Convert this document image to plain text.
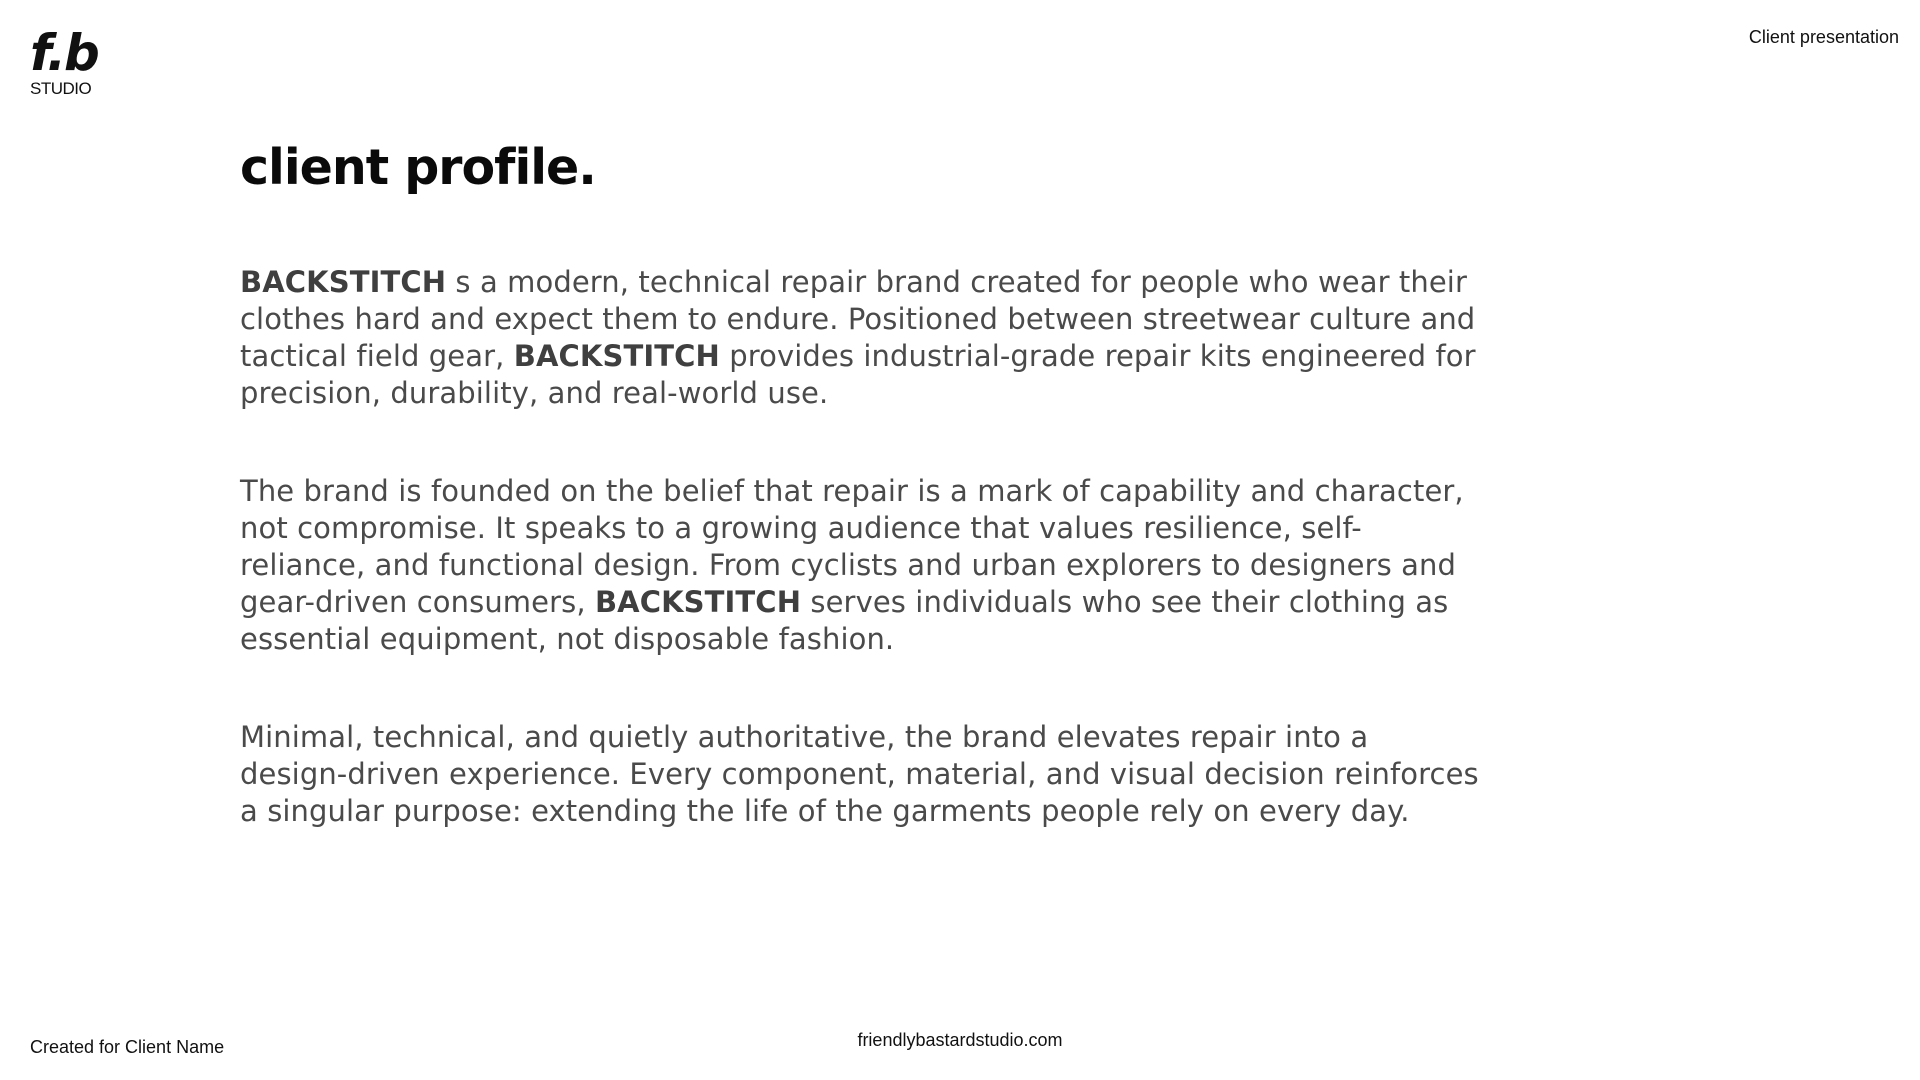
f.b
STUDIO
Client presentation
client profile.

BACKSTITCH s a modern, technical repair brand created for people who wear their clothes hard and expect them to endure. Positioned between streetwear culture and tactical field gear, BACKSTITCH provides industrial-grade repair kits engineered for precision, durability, and real-world use.

The brand is founded on the belief that repair is a mark of capability and character, not compromise. It speaks to a growing audience that values resilience, self-reliance, and functional design. From cyclists and urban explorers to designers and gear-driven consumers, BACKSTITCH serves individuals who see their clothing as essential equipment, not disposable fashion.

Minimal, technical, and quietly authoritative, the brand elevates repair into a design-driven experience. Every component, material, and visual decision reinforces a singular purpose: extending the life of the garments people rely on every day.

Created for Client Name	friendlybastardstudio.com
